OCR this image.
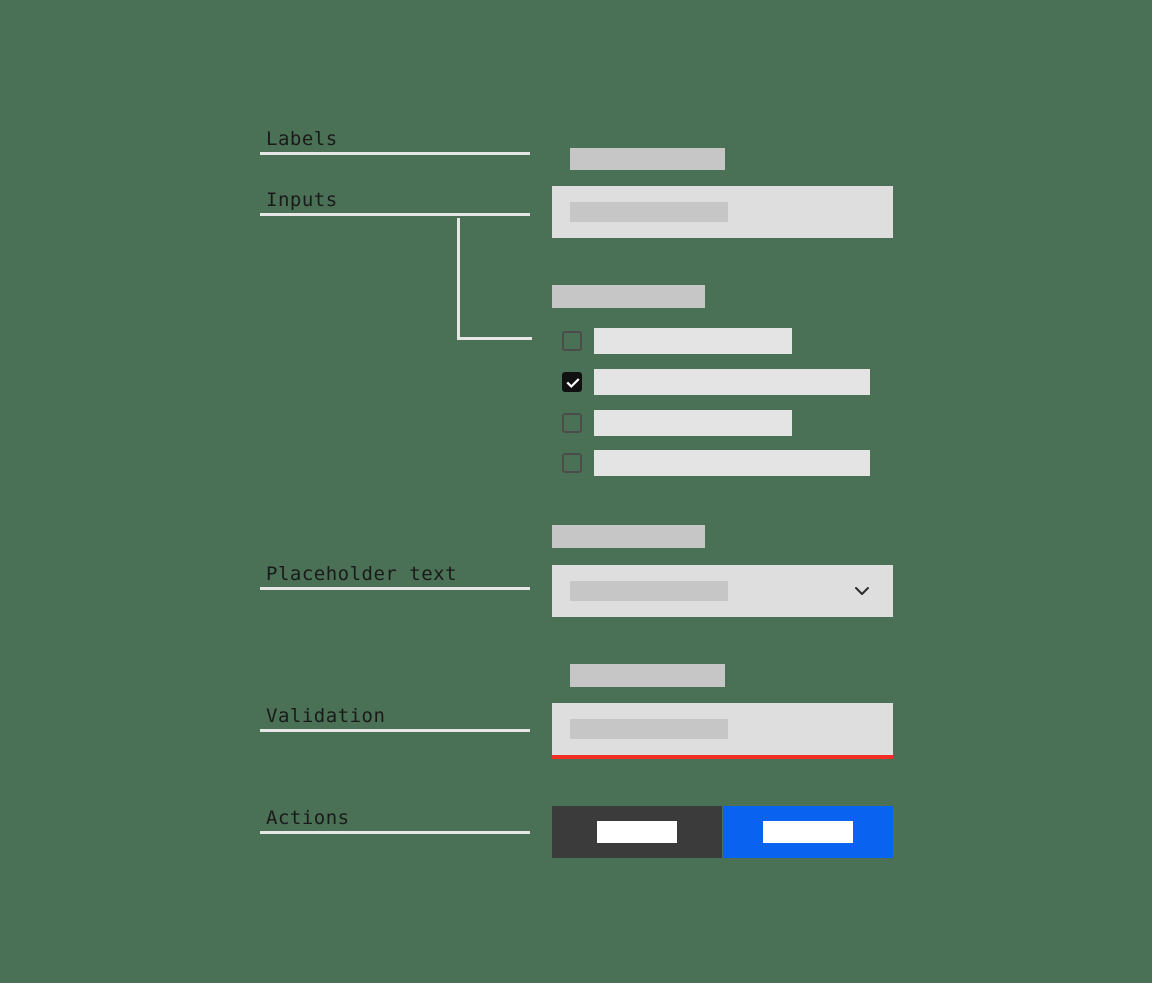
Labels
Inputs
Placeholder text
Validation
Actions
